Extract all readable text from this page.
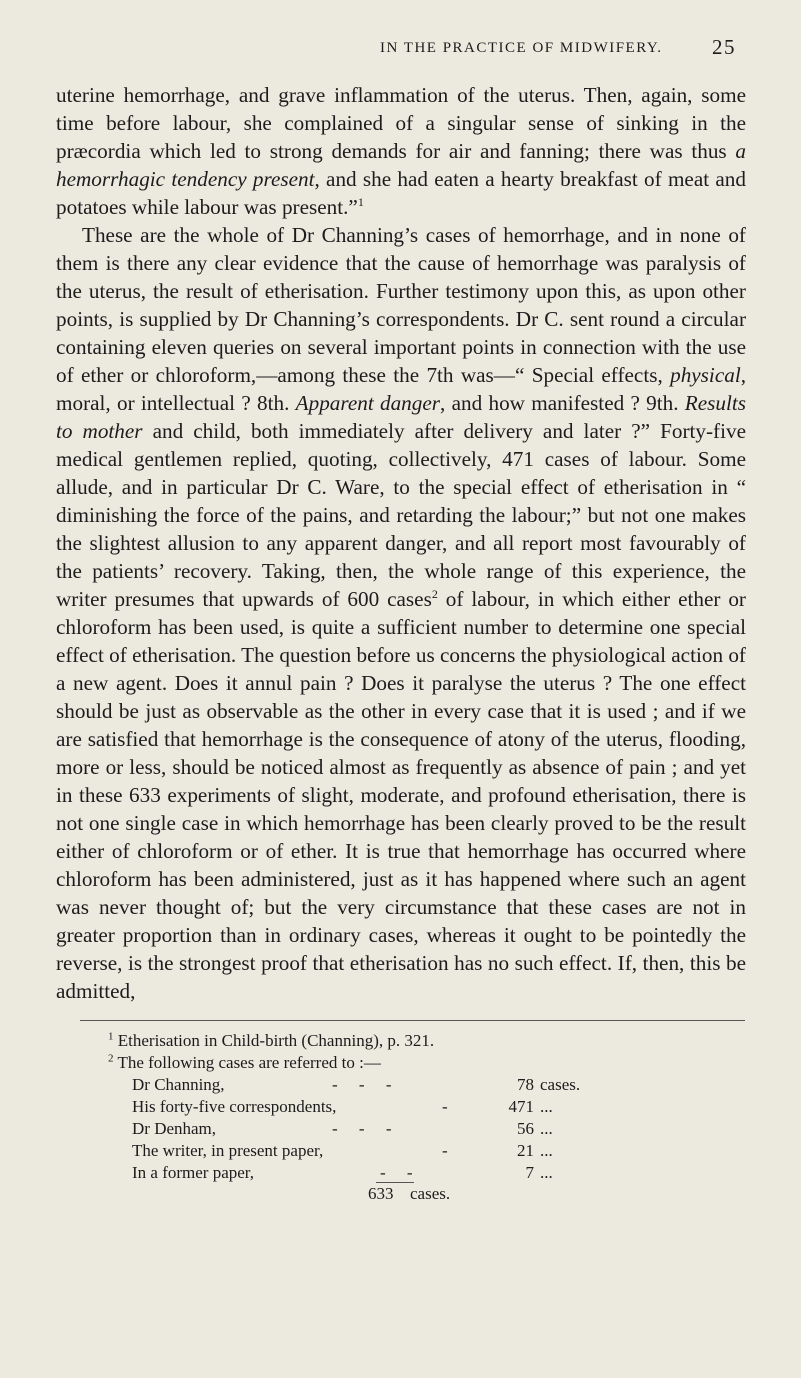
IN THE PRACTICE OF MIDWIFERY. 25

uterine hemorrhage, and grave inflammation of the uterus. Then, again, some time before labour, she complained of a singular sense of sinking in the præcordia which led to strong demands for air and fanning; there was thus a hemorrhagic tendency present, and she had eaten a hearty breakfast of meat and potatoes while labour was present.”$^1$

These are the whole of Dr Channing’s cases of hemorrhage, and in none of them is there any clear evidence that the cause of hemorrhage was paralysis of the uterus, the result of etherisation. Further testimony upon this, as upon other points, is supplied by Dr Channing’s correspondents. Dr C. sent round a circular containing eleven queries on several important points in connection with the use of ether or chloroform,—among these the 7th was—“ Special effects, physical, moral, or intellectual ? 8th. Apparent danger, and how manifested ? 9th. Results to mother and child, both immediately after delivery and later ?” Forty-five medical gentlemen replied, quoting, collectively, 471 cases of labour. Some allude, and in particular Dr C. Ware, to the special effect of etherisation in “ diminishing the force of the pains, and retarding the labour;” but not one makes the slightest allusion to any apparent danger, and all report most favourably of the patients’ recovery. Taking, then, the whole range of this experience, the writer presumes that upwards of 600 cases$^2$ of labour, in which either ether or chloroform has been used, is quite a sufficient number to determine one special effect of etherisation. The question before us concerns the physiological action of a new agent. Does it annul pain ? Does it paralyse the uterus ? The one effect should be just as observable as the other in every case that it is used ; and if we are satisfied that hemorrhage is the consequence of atony of the uterus, flooding, more or less, should be noticed almost as frequently as absence of pain ; and yet in these 633 experiments of slight, moderate, and profound etherisation, there is not one single case in which hemorrhage has been clearly proved to be the result either of chloroform or of ether. It is true that hemorrhage has occurred where chloroform has been administered, just as it has happened where such an agent was never thought of; but the very circumstance that these cases are not in greater proportion than in ordinary cases, whereas it ought to be pointedly the reverse, is the strongest proof that etherisation has no such effect. If, then, this be admitted,

$^1$ Etherisation in Child-birth (Channing), p. 321.

$^2$ The following cases are referred to :—

Dr Channing,	-     -     -	78 cases.
His forty-five correspondents,	-	471 ...
Dr Denham,	-     -     -	56 ...
The writer, in present paper,	-	21 ...
In a former paper,	-     -	7 ...
633 cases.
